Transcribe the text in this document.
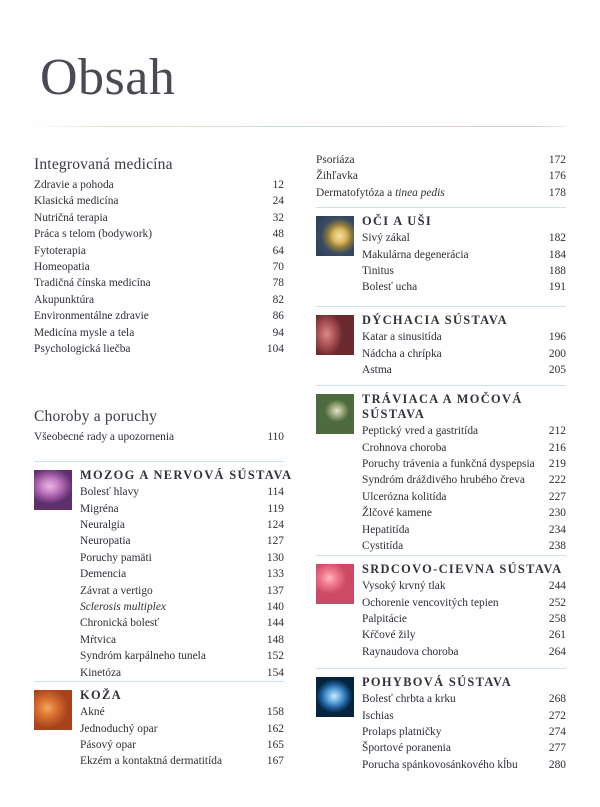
Obsah
Integrovaná medicína
Zdravie a pohoda	12
Klasická medicína	24
Nutričná terapia	32
Práca s telom (bodywork)	48
Fytoterapia	64
Homeopatia	70
Tradičná čínska medicína	78
Akupunktúra	82
Environmentálne zdravie	86
Medicína mysle a tela	94
Psychologická liečba	104
Choroby a poruchy
Všeobecné rady a upozornenia	110
MOZOG A NERVOVÁ SÚSTAVA
Bolesť hlavy	114
Migréna	119
Neuralgia	124
Neuropatia	127
Poruchy pamäti	130
Demencia	133
Závrat a vertigo	137
Sclerosis multiplex	140
Chronická bolesť	144
Mŕtvica	148
Syndróm karpálneho tunela	152
Kinetóza	154
KOŽA
Akné	158
Jednoduchý opar	162
Pásový opar	165
Ekzém a kontaktná dermatitída	167
Psoriáza	172
Žihľavka	176
Dermatofytóza a tinea pedis	178
OČI A UŠI
Sivý zákal	182
Makulárna degenerácia	184
Tinitus	188
Bolesť ucha	191
DÝCHACIA SÚSTAVA
Katar a sinusitída	196
Nádcha a chrípka	200
Astma	205
TRÁVIACA A MOČOVÁ SÚSTAVA
Peptický vred a gastritída	212
Crohnova choroba	216
Poruchy trávenia a funkčná dyspepsia	219
Syndróm dráždivého hrubého čreva	222
Ulcerózna kolitída	227
Žlčové kamene	230
Hepatitída	234
Cystitída	238
SRDCOVO-CIEVNA SÚSTAVA
Vysoký krvný tlak	244
Ochorenie vencovitých tepien	252
Palpitácie	258
Kŕčové žily	261
Raynaudova choroba	264
POHYBOVÁ SÚSTAVA
Bolesť chrbta a krku	268
Ischias	272
Prolaps platničky	274
Športové poranenia	277
Porucha spánkovosánkového kĺbu	280
